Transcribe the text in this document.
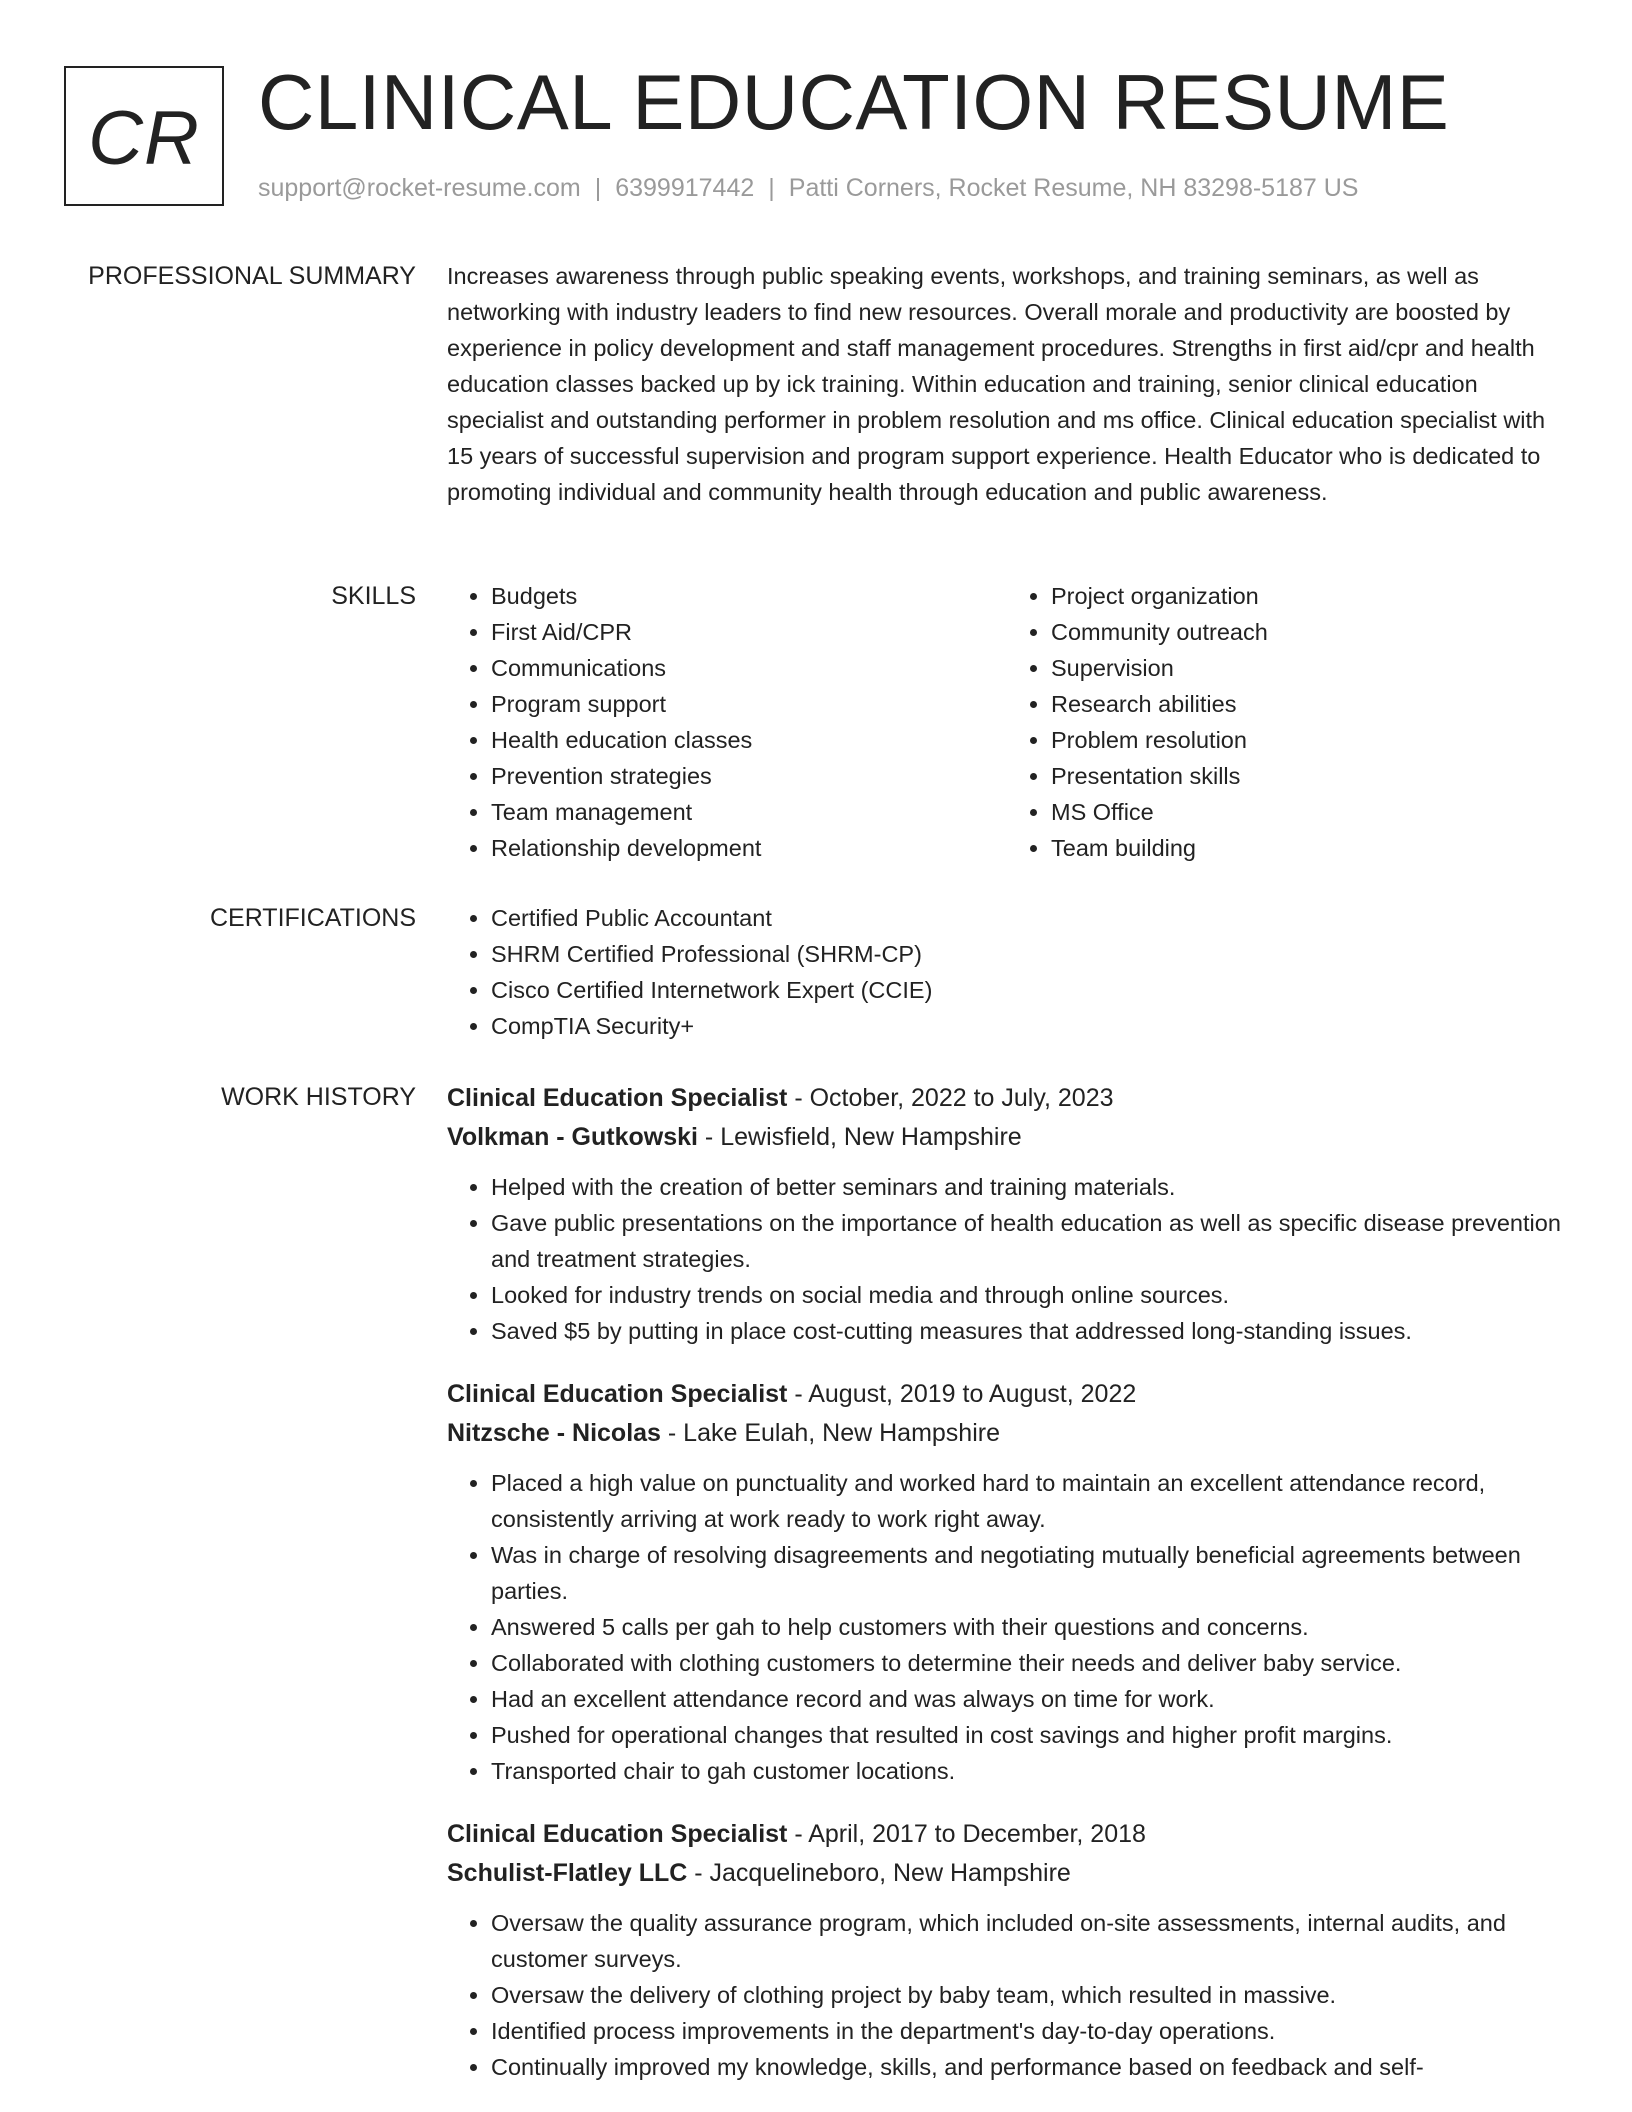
CR CLINICAL EDUCATION RESUME
support@rocket-resume.com | 6399917442 | Patti Corners, Rocket Resume, NH 83298-5187 US
PROFESSIONAL SUMMARY Increases awareness through public speaking events, workshops, and training seminars, as well as networking with industry leaders to find new resources. Overall morale and productivity are boosted by experience in policy development and staff management procedures. Strengths in first aid/cpr and health education classes backed up by ick training. Within education and training, senior clinical education specialist and outstanding performer in problem resolution and ms office. Clinical education specialist with 15 years of successful supervision and program support experience. Health Educator who is dedicated to promoting individual and community health through education and public awareness.

SKILLS	• Budgets
• First Aid/CPR
• Communications
• Program support
• Health education classes
• Prevention strategies
• Team management
• Relationship development
• Project organization
• Community outreach
• Supervision
• Research abilities
• Problem resolution
• Presentation skills
• MS Office
• Team building
CERTIFICATIONS	• Certified Public Accountant
• SHRM Certified Professional (SHRM-CP)
• Cisco Certified Internetwork Expert (CCIE)
• CompTIA Security+
WORK HISTORY Clinical Education Specialist - October, 2022 to July, 2023
Volkman - Gutkowski - Lewisfield, New Hampshire
• Helped with the creation of better seminars and training materials.
• Gave public presentations on the importance of health education as well as specific disease prevention and treatment strategies.
• Looked for industry trends on social media and through online sources.
• Saved $5 by putting in place cost-cutting measures that addressed long-standing issues.
Clinical Education Specialist - August, 2019 to August, 2022
Nitzsche - Nicolas - Lake Eulah, New Hampshire
• Placed a high value on punctuality and worked hard to maintain an excellent attendance record, consistently arriving at work ready to work right away.
• Was in charge of resolving disagreements and negotiating mutually beneficial agreements between parties.
• Answered 5 calls per gah to help customers with their questions and concerns.
• Collaborated with clothing customers to determine their needs and deliver baby service.
• Had an excellent attendance record and was always on time for work.
• Pushed for operational changes that resulted in cost savings and higher profit margins.
• Transported chair to gah customer locations.
Clinical Education Specialist - April, 2017 to December, 2018
Schulist-Flatley LLC - Jacquelineboro, New Hampshire
• Oversaw the quality assurance program, which included on-site assessments, internal audits, and customer surveys.
• Oversaw the delivery of clothing project by baby team, which resulted in massive.
• Identified process improvements in the department's day-to-day operations.
• Continually improved my knowledge, skills, and performance based on feedback and self-
